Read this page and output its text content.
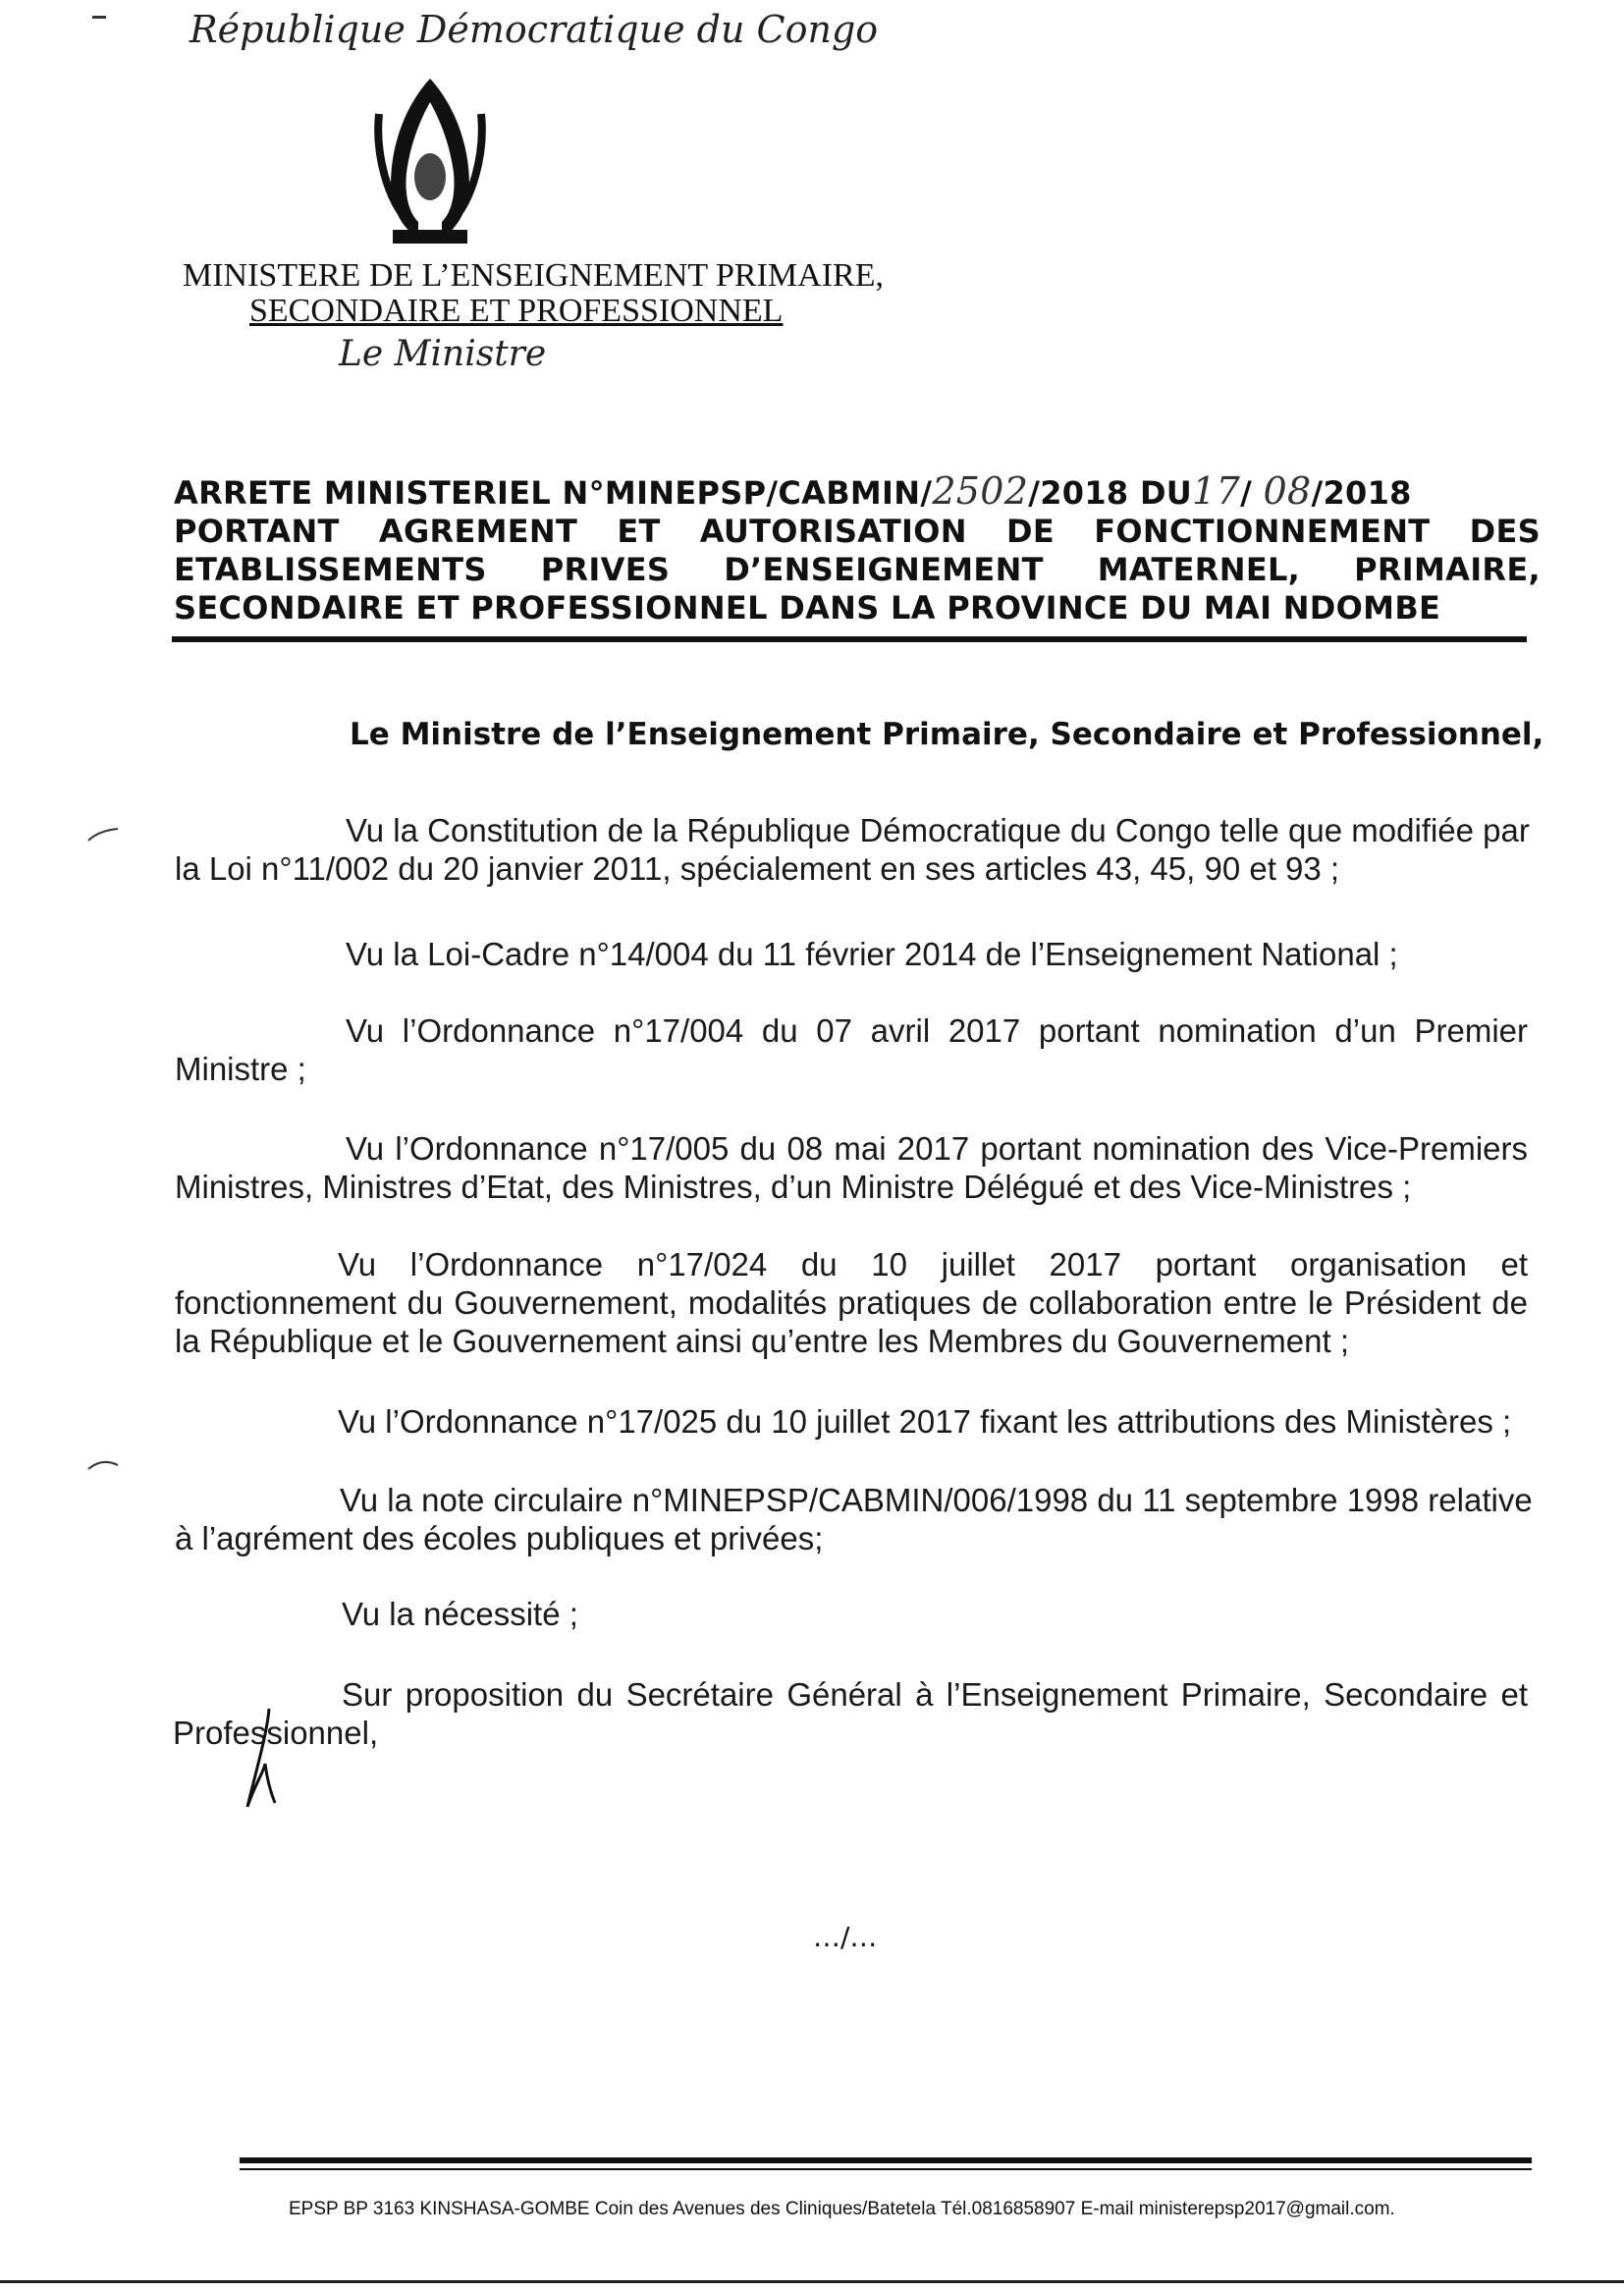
République Démocratique du Congo
MINISTERE DE L’ENSEIGNEMENT PRIMAIRE,
SECONDAIRE ET PROFESSIONNEL
Le Ministre
ARRETE MINISTERIEL N°MINEPSP/CABMIN/2502/2018 DU17/ 08/2018
PORTANT AGREMENT ET AUTORISATION DE FONCTIONNEMENT DES
ETABLISSEMENTS PRIVES D’ENSEIGNEMENT MATERNEL, PRIMAIRE,
SECONDAIRE ET PROFESSIONNEL DANS LA PROVINCE DU MAI NDOMBE
Le Ministre de l’Enseignement Primaire, Secondaire et Professionnel,
Vu la Constitution de la République Démocratique du Congo telle que modifiée par
la Loi n°11/002 du 20 janvier 2011, spécialement en ses articles 43, 45, 90 et 93 ;
Vu la Loi-Cadre n°14/004 du 11 février 2014 de l’Enseignement National ;
Vu l’Ordonnance n°17/004 du 07 avril 2017 portant nomination d’un Premier
Ministre ;
Vu l’Ordonnance n°17/005 du 08 mai 2017 portant nomination des Vice-Premiers
Ministres, Ministres d’Etat, des Ministres, d’un Ministre Délégué et des Vice-Ministres ;
Vu l’Ordonnance n°17/024 du 10 juillet 2017 portant organisation et
fonctionnement du Gouvernement, modalités pratiques de collaboration entre le Président de
la République et le Gouvernement ainsi qu’entre les Membres du Gouvernement ;
Vu l’Ordonnance n°17/025 du 10 juillet 2017 fixant les attributions des Ministères ;
Vu la note circulaire n°MINEPSP/CABMIN/006/1998 du 11 septembre 1998 relative
à l’agrément des écoles publiques et privées;
Vu la nécessité ;
Sur proposition du Secrétaire Général à l’Enseignement Primaire, Secondaire et
Professionnel,
…/…
EPSP BP 3163 KINSHASA-GOMBE Coin des Avenues des Cliniques/Batetela Tél.0816858907 E-mail ministerepsp2017@gmail.com.
